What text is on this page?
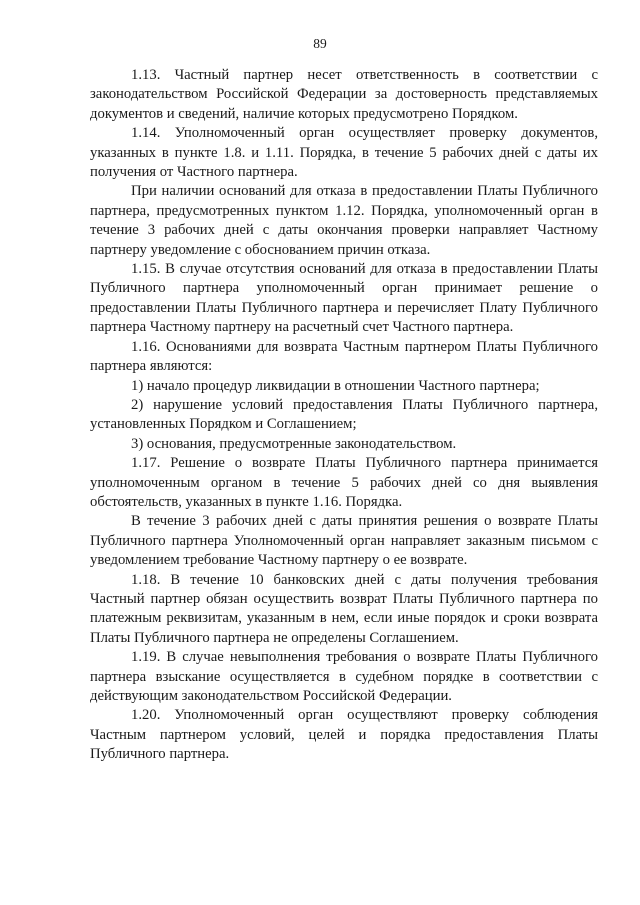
89

1.13. Частный партнер несет ответственность в соответствии с законодательством Российской Федерации за достоверность представляемых документов и сведений, наличие которых предусмотрено Порядком.

1.14. Уполномоченный орган осуществляет проверку документов, указанных в пункте 1.8. и 1.11. Порядка, в течение 5 рабочих дней с даты их получения от Частного партнера.

При наличии оснований для отказа в предоставлении Платы Публичного партнера, предусмотренных пунктом 1.12. Порядка, уполномоченный орган в течение 3 рабочих дней с даты окончания проверки направляет Частному партнеру уведомление с обоснованием причин отказа.

1.15. В случае отсутствия оснований для отказа в предоставлении Платы Публичного партнера уполномоченный орган принимает решение о предоставлении Платы Публичного партнера и перечисляет Плату Публичного партнера Частному партнеру на расчетный счет Частного партнера.

1.16. Основаниями для возврата Частным партнером Платы Публичного партнера являются:

1) начало процедур ликвидации в отношении Частного партнера;

2) нарушение условий предоставления Платы Публичного партнера, установленных Порядком и Соглашением;

3) основания, предусмотренные законодательством.

1.17. Решение о возврате Платы Публичного партнера принимается уполномоченным органом в течение 5 рабочих дней со дня выявления обстоятельств, указанных в пункте 1.16. Порядка.

В течение 3 рабочих дней с даты принятия решения о возврате Платы Публичного партнера Уполномоченный орган направляет заказным письмом с уведомлением требование Частному партнеру о ее возврате.

1.18. В течение 10 банковских дней с даты получения требования Частный партнер обязан осуществить возврат Платы Публичного партнера по платежным реквизитам, указанным в нем, если иные порядок и сроки возврата Платы Публичного партнера не определены Соглашением.

1.19. В случае невыполнения требования о возврате Платы Публичного партнера взыскание осуществляется в судебном порядке в соответствии с действующим законодательством Российской Федерации.

1.20. Уполномоченный орган осуществляют проверку соблюдения Частным партнером условий, целей и порядка предоставления Платы Публичного партнера.
